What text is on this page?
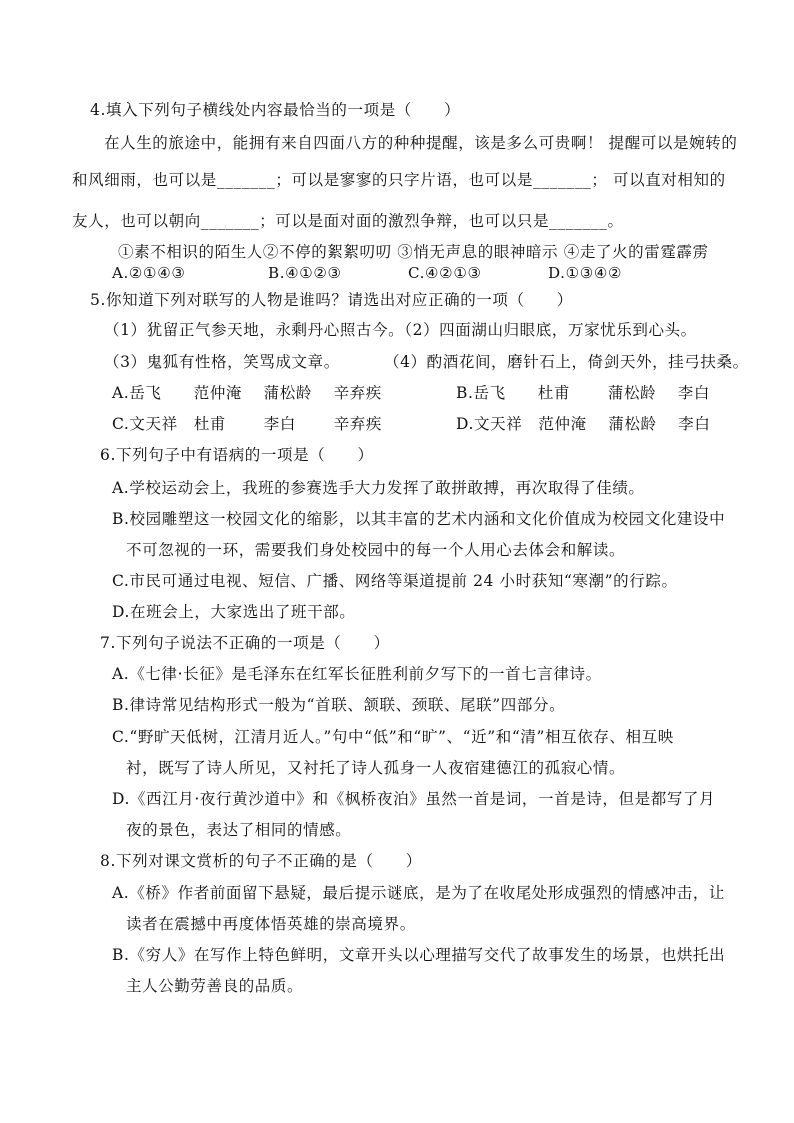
4.填入下列句子横线处内容最恰当的一项是（　　）
在人生的旅途中，能拥有来自四面八方的种种提醒，该是多么可贵啊！ 提醒可以是婉转的
和风细雨，也可以是_______；可以是寥寥的只字片语，也可以是_______； 可以直对相知的
友人，也可以朝向_______；可以是面对面的激烈争辩，也可以只是_______。
①素不相识的陌生人②不停的絮絮叨叨 ③悄无声息的眼神暗示 ④走了火的雷霆霹雳
A.②①④③	B.④①②③	C.④②①③	D.①③④②
5.你知道下列对联写的人物是谁吗？请选出对应正确的一项（　　）
（1）犹留正气参天地，永剩丹心照古今。（2）四面湖山归眼底，万家忧乐到心头。
（3）鬼狐有性格，笑骂成文章。	（4）酌酒花间，磨针石上，倚剑天外，挂弓扶桑。
A.岳飞　　范仲淹　 蒲松龄　 辛弃疾	B.岳飞　　杜甫　　 蒲松龄　 李白
C.文天祥　杜甫　　 李白　　 辛弃疾	D.文天祥　范仲淹　 蒲松龄　 李白
6.下列句子中有语病的一项是（　　）
A.学校运动会上，我班的参赛选手大力发挥了敢拼敢搏，再次取得了佳绩。
B.校园雕塑这一校园文化的缩影，以其丰富的艺术内涵和文化价值成为校园文化建设中
不可忽视的一环，需要我们身处校园中的每一个人用心去体会和解读。
C.市民可通过电视、短信、广播、网络等渠道提前 24 小时获知“寒潮”的行踪。
D.在班会上，大家选出了班干部。
7.下列句子说法不正确的一项是（　　）
A.《七律·长征》是毛泽东在红军长征胜利前夕写下的一首七言律诗。
B.律诗常见结构形式一般为“首联、颔联、颈联、尾联”四部分。
C.“野旷天低树，江清月近人。”句中“低”和“旷”、“近”和“清”相互依存、相互映
衬，既写了诗人所见，又衬托了诗人孤身一人夜宿建德江的孤寂心情。
D.《西江月·夜行黄沙道中》和《枫桥夜泊》虽然一首是词，一首是诗，但是都写了月
夜的景色，表达了相同的情感。
8.下列对课文赏析的句子不正确的是（　　）
A.《桥》作者前面留下悬疑，最后提示谜底，是为了在收尾处形成强烈的情感冲击，让
读者在震撼中再度体悟英雄的崇高境界。
B.《穷人》在写作上特色鲜明，文章开头以心理描写交代了故事发生的场景，也烘托出
主人公勤劳善良的品质。
